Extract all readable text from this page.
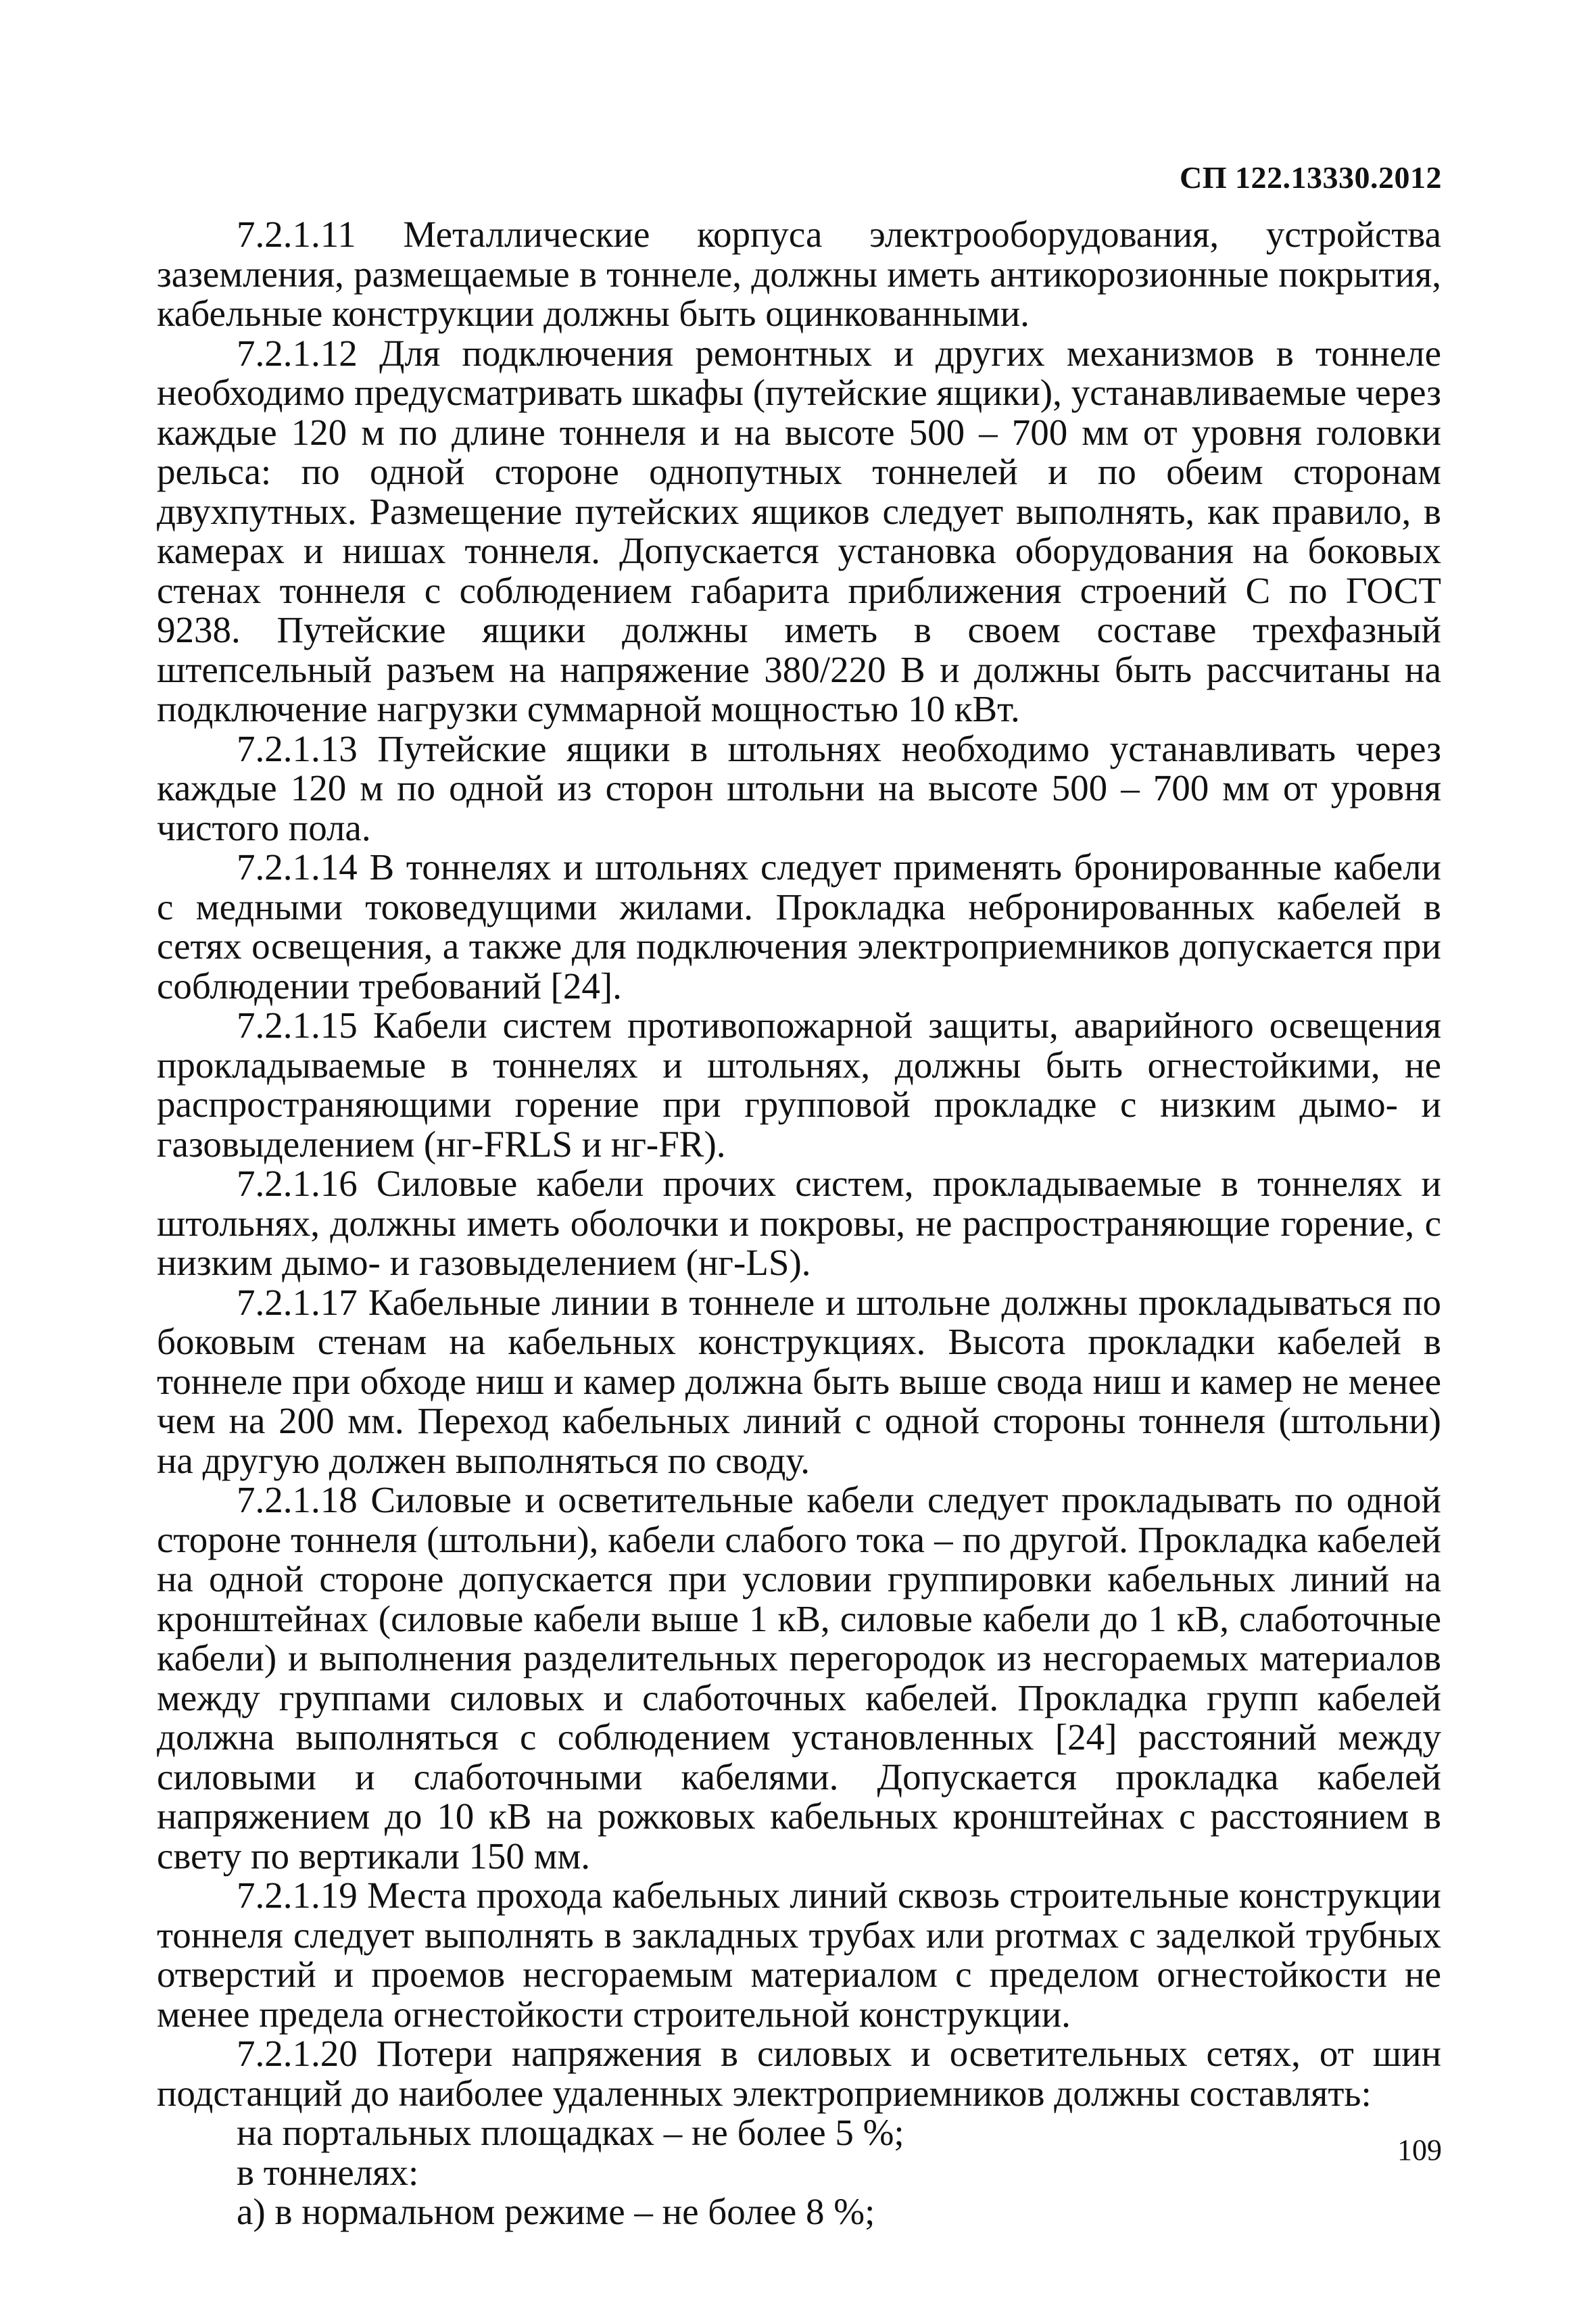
СП 122.13330.2012

7.2.1.11 Металлические корпуса электрооборудования, устройства заземления, размещаемые в тоннеле, должны иметь антикорозионные покрытия, кабельные конструкции должны быть оцинкованными.

7.2.1.12 Для подключения ремонтных и других механизмов в тоннеле необходимо предусматривать шкафы (путейские ящики), устанавливаемые через каждые 120 м по длине тоннеля и на высоте 500 – 700 мм от уровня головки рельса: по одной стороне однопутных тоннелей и по обеим сторонам двухпутных. Размещение путейских ящиков следует выполнять, как правило, в камерах и нишах тоннеля. Допускается установка оборудования на боковых стенах тоннеля с соблюдением габарита приближения строений С по ГОСТ 9238. Путейские ящики должны иметь в своем составе трехфазный штепсельный разъем на напряжение 380/220 В и должны быть рассчитаны на подключение нагрузки суммарной мощностью 10 кВт.

7.2.1.13 Путейские ящики в штольнях необходимо устанавливать через каждые 120 м по одной из сторон штольни на высоте 500 – 700 мм от уровня чистого пола.

7.2.1.14 В тоннелях и штольнях следует применять бронированные кабели с медными токоведущими жилами. Прокладка небронированных кабелей в сетях освещения, а также для подключения электроприемников допускается при соблюдении требований [24].

7.2.1.15 Кабели систем противопожарной защиты, аварийного освещения прокладываемые в тоннелях и штольнях, должны быть огнестойкими, не распространяющими горение при групповой прокладке с низким дымо- и газовыделением (нг-FRLS и нг-FR).

7.2.1.16 Силовые кабели прочих систем, прокладываемые в тоннелях и штольнях, должны иметь оболочки и покровы, не распространяющие горение, с низким дымо- и газовыделением (нг-LS).

7.2.1.17 Кабельные линии в тоннеле и штольне должны прокладываться по боковым стенам на кабельных конструкциях. Высота прокладки кабелей в тоннеле при обходе ниш и камер должна быть выше свода ниш и камер не менее чем на 200 мм. Переход кабельных линий с одной стороны тоннеля (штольни) на другую должен выполняться по своду.

7.2.1.18 Силовые и осветительные кабели следует прокладывать по одной стороне тоннеля (штольни), кабели слабого тока – по другой. Прокладка кабелей на одной стороне допускается при условии группировки кабельных линий на кронштейнах (силовые кабели выше 1 кВ, силовые кабели до 1 кВ, слаботочные кабели) и выполнения разделительных перегородок из несгораемых материалов между группами силовых и слаботочных кабелей. Прокладка групп кабелей должна выполняться с соблюдением установленных [24] расстояний между силовыми и слаботочными кабелями. Допускается прокладка кабелей напряжением до 10 кВ на рожковых кабельных кронштейнах с расстоянием в свету по вертикали 150 мм.

7.2.1.19 Места прохода кабельных линий сквозь строительные конструкции тоннеля следует выполнять в закладных трубах или proтмах с заделкой трубных отверстий и проемов несгораемым материалом с пределом огнестойкости не менее предела огнестойкости строительной конструкции.

7.2.1.20 Потери напряжения в силовых и осветительных сетях, от шин подстанций до наиболее удаленных электроприемников должны составлять:

на портальных площадках – не более 5 %;

в тоннелях:

а) в нормальном режиме – не более 8 %;

109
